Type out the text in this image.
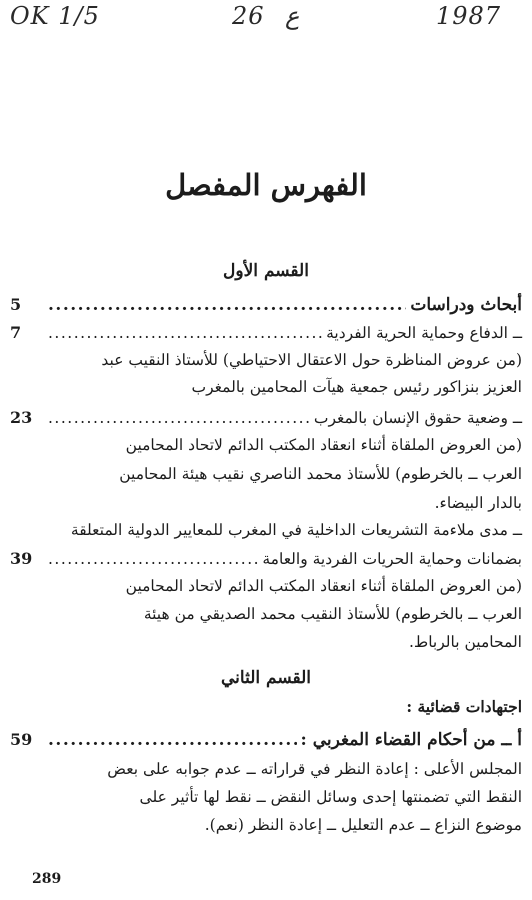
OK 1/5	26 ع	1987
الفهرس المفصل
القسم الأول
أبحاث ودراسات
.....
5
ــ الدفاع وحماية الحرية الفردية
.....
7
(من عروض المناظرة حول الاعتقال الاحتياطي) للأستاذ النقيب عبد
العزيز بنزاكور رئيس جمعية هيآت المحامين بالمغرب
ــ وضعية حقوق الإنسان بالمغرب
.....
23
(من العروض الملقاة أثناء انعقاد المكتب الدائم لاتحاد المحامين
العرب ــ بالخرطوم) للأستاذ محمد الناصري نقيب هيئة المحامين
بالدار البيضاء.
ــ مدى ملاءمة التشريعات الداخلية في المغرب للمعايير الدولية المتعلقة
بضمانات وحماية الحريات الفردية والعامة
.....
39
(من العروض الملقاة أثناء انعقاد المكتب الدائم لاتحاد المحامين
العرب ــ بالخرطوم) للأستاذ النقيب محمد الصديقي من هيئة
المحامين بالرباط.
القسم الثاني
اجتهادات قضائية :
أ ــ من أحكام القضاء المغربي :
.....
59
المجلس الأعلى : إعادة النظر في قراراته ــ عدم جوابه على بعض
النقط التي تضمنتها إحدى وسائل النقض ــ نقط لها تأثير على
موضوع النزاع ــ عدم التعليل ــ إعادة النظر (نعم).
289
